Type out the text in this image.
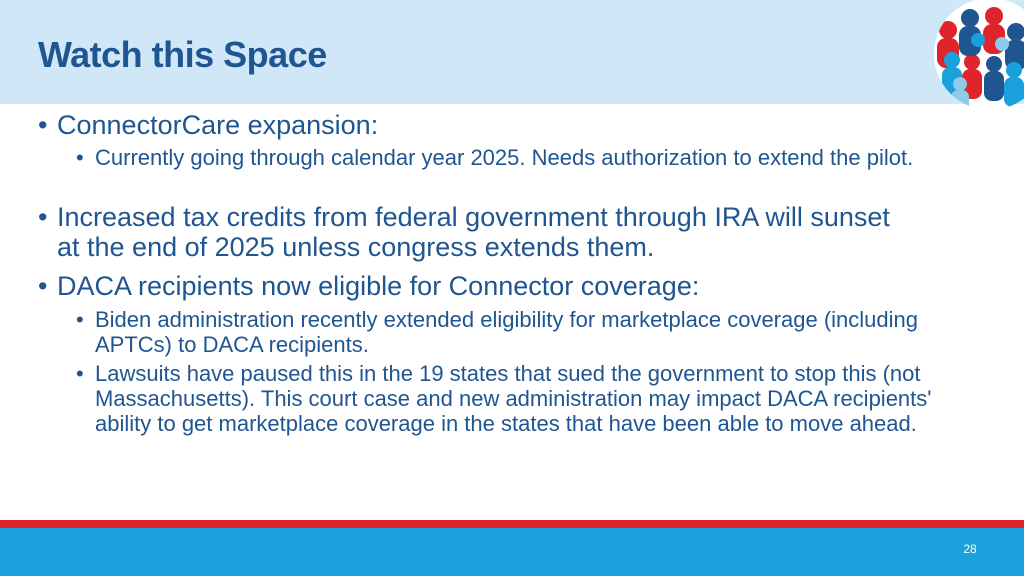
Watch this Space
• ConnectorCare expansion:
• Currently going through calendar year 2025. Needs authorization to extend the pilot.
• Increased tax credits from federal government through IRA will sunset at the end of 2025 unless congress extends them.
• DACA recipients now eligible for Connector coverage:
• Biden administration recently extended eligibility for marketplace coverage (including APTCs) to DACA recipients.
• Lawsuits have paused this in the 19 states that sued the government to stop this (not Massachusetts). This court case and new administration may impact DACA recipients' ability to get marketplace coverage in the states that have been able to move ahead.
28
